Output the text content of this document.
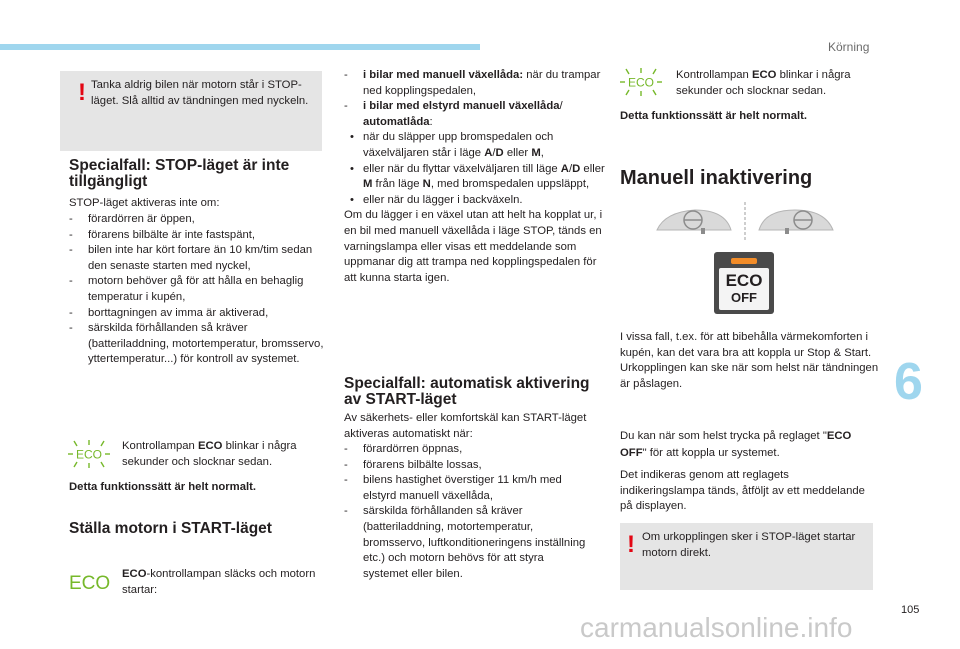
Körning
6
105
! Tanka aldrig bilen när motorn står i STOP-läget. Slå alltid av tändningen med nyckeln.
Specialfall: STOP-läget är inte tillgängligt
STOP-läget aktiveras inte om:
- förardörren är öppen,
- förarens bilbälte är inte fastspänt,
- bilen inte har kört fortare än 10 km/tim sedan den senaste starten med nyckel,
- motorn behöver gå för att hålla en behaglig temperatur i kupén,
- borttagningen av imma är aktiverad,
- särskilda förhållanden så kräver (batteriladdning, motortemperatur, bromsservo, yttertemperatur...) för kontroll av systemet.
ECO
Kontrollampan ECO blinkar i några sekunder och slocknar sedan.
Detta funktionssätt är helt normalt.
Ställa motorn i START-läget
ECO ECO-kontrollampan släcks och motorn startar:
- i bilar med manuell växellåda: när du trampar ned kopplingspedalen,
- i bilar med elstyrd manuell växellåda/
automatlåda:
• när du släpper upp bromspedalen och växelväljaren står i läge A/D eller M,
• eller när du flyttar växelväljaren till läge A/D eller M från läge N, med bromspedalen uppsläppt,
• eller när du lägger i backväxeln.
Om du lägger i en växel utan att helt ha kopplat ur, i en bil med manuell växellåda i läge STOP, tänds en varningslampa eller visas ett meddelande som uppmanar dig att trampa ned kopplingspedalen för att kunna starta igen.
Specialfall: automatisk aktivering av START-läget
Av säkerhets- eller komfortskäl kan START-läget aktiveras automatiskt när:
- förardörren öppnas,
- förarens bilbälte lossas,
- bilens hastighet överstiger 11 km/h med elstyrd manuell växellåda,
- särskilda förhållanden så kräver (batteriladdning, motortemperatur, bromsservo, luftkonditioneringens inställning etc.) och motorn behövs för att styra systemet eller bilen.
ECO
Kontrollampan ECO blinkar i några sekunder och slocknar sedan.
Detta funktionssätt är helt normalt.
Manuell inaktivering
ECO
OFF
I vissa fall, t.ex. för att bibehålla värmekomforten i kupén, kan det vara bra att koppla ur Stop & Start.
Urkopplingen kan ske när som helst när tändningen är påslagen.
Du kan när som helst trycka på reglaget "ECO OFF" för att koppla ur systemet.
Det indikeras genom att reglagets indikeringslampa tänds, åtföljt av ett meddelande på displayen.
! Om urkopplingen sker i STOP-läget startar motorn direkt.
carmanualsonline.info
